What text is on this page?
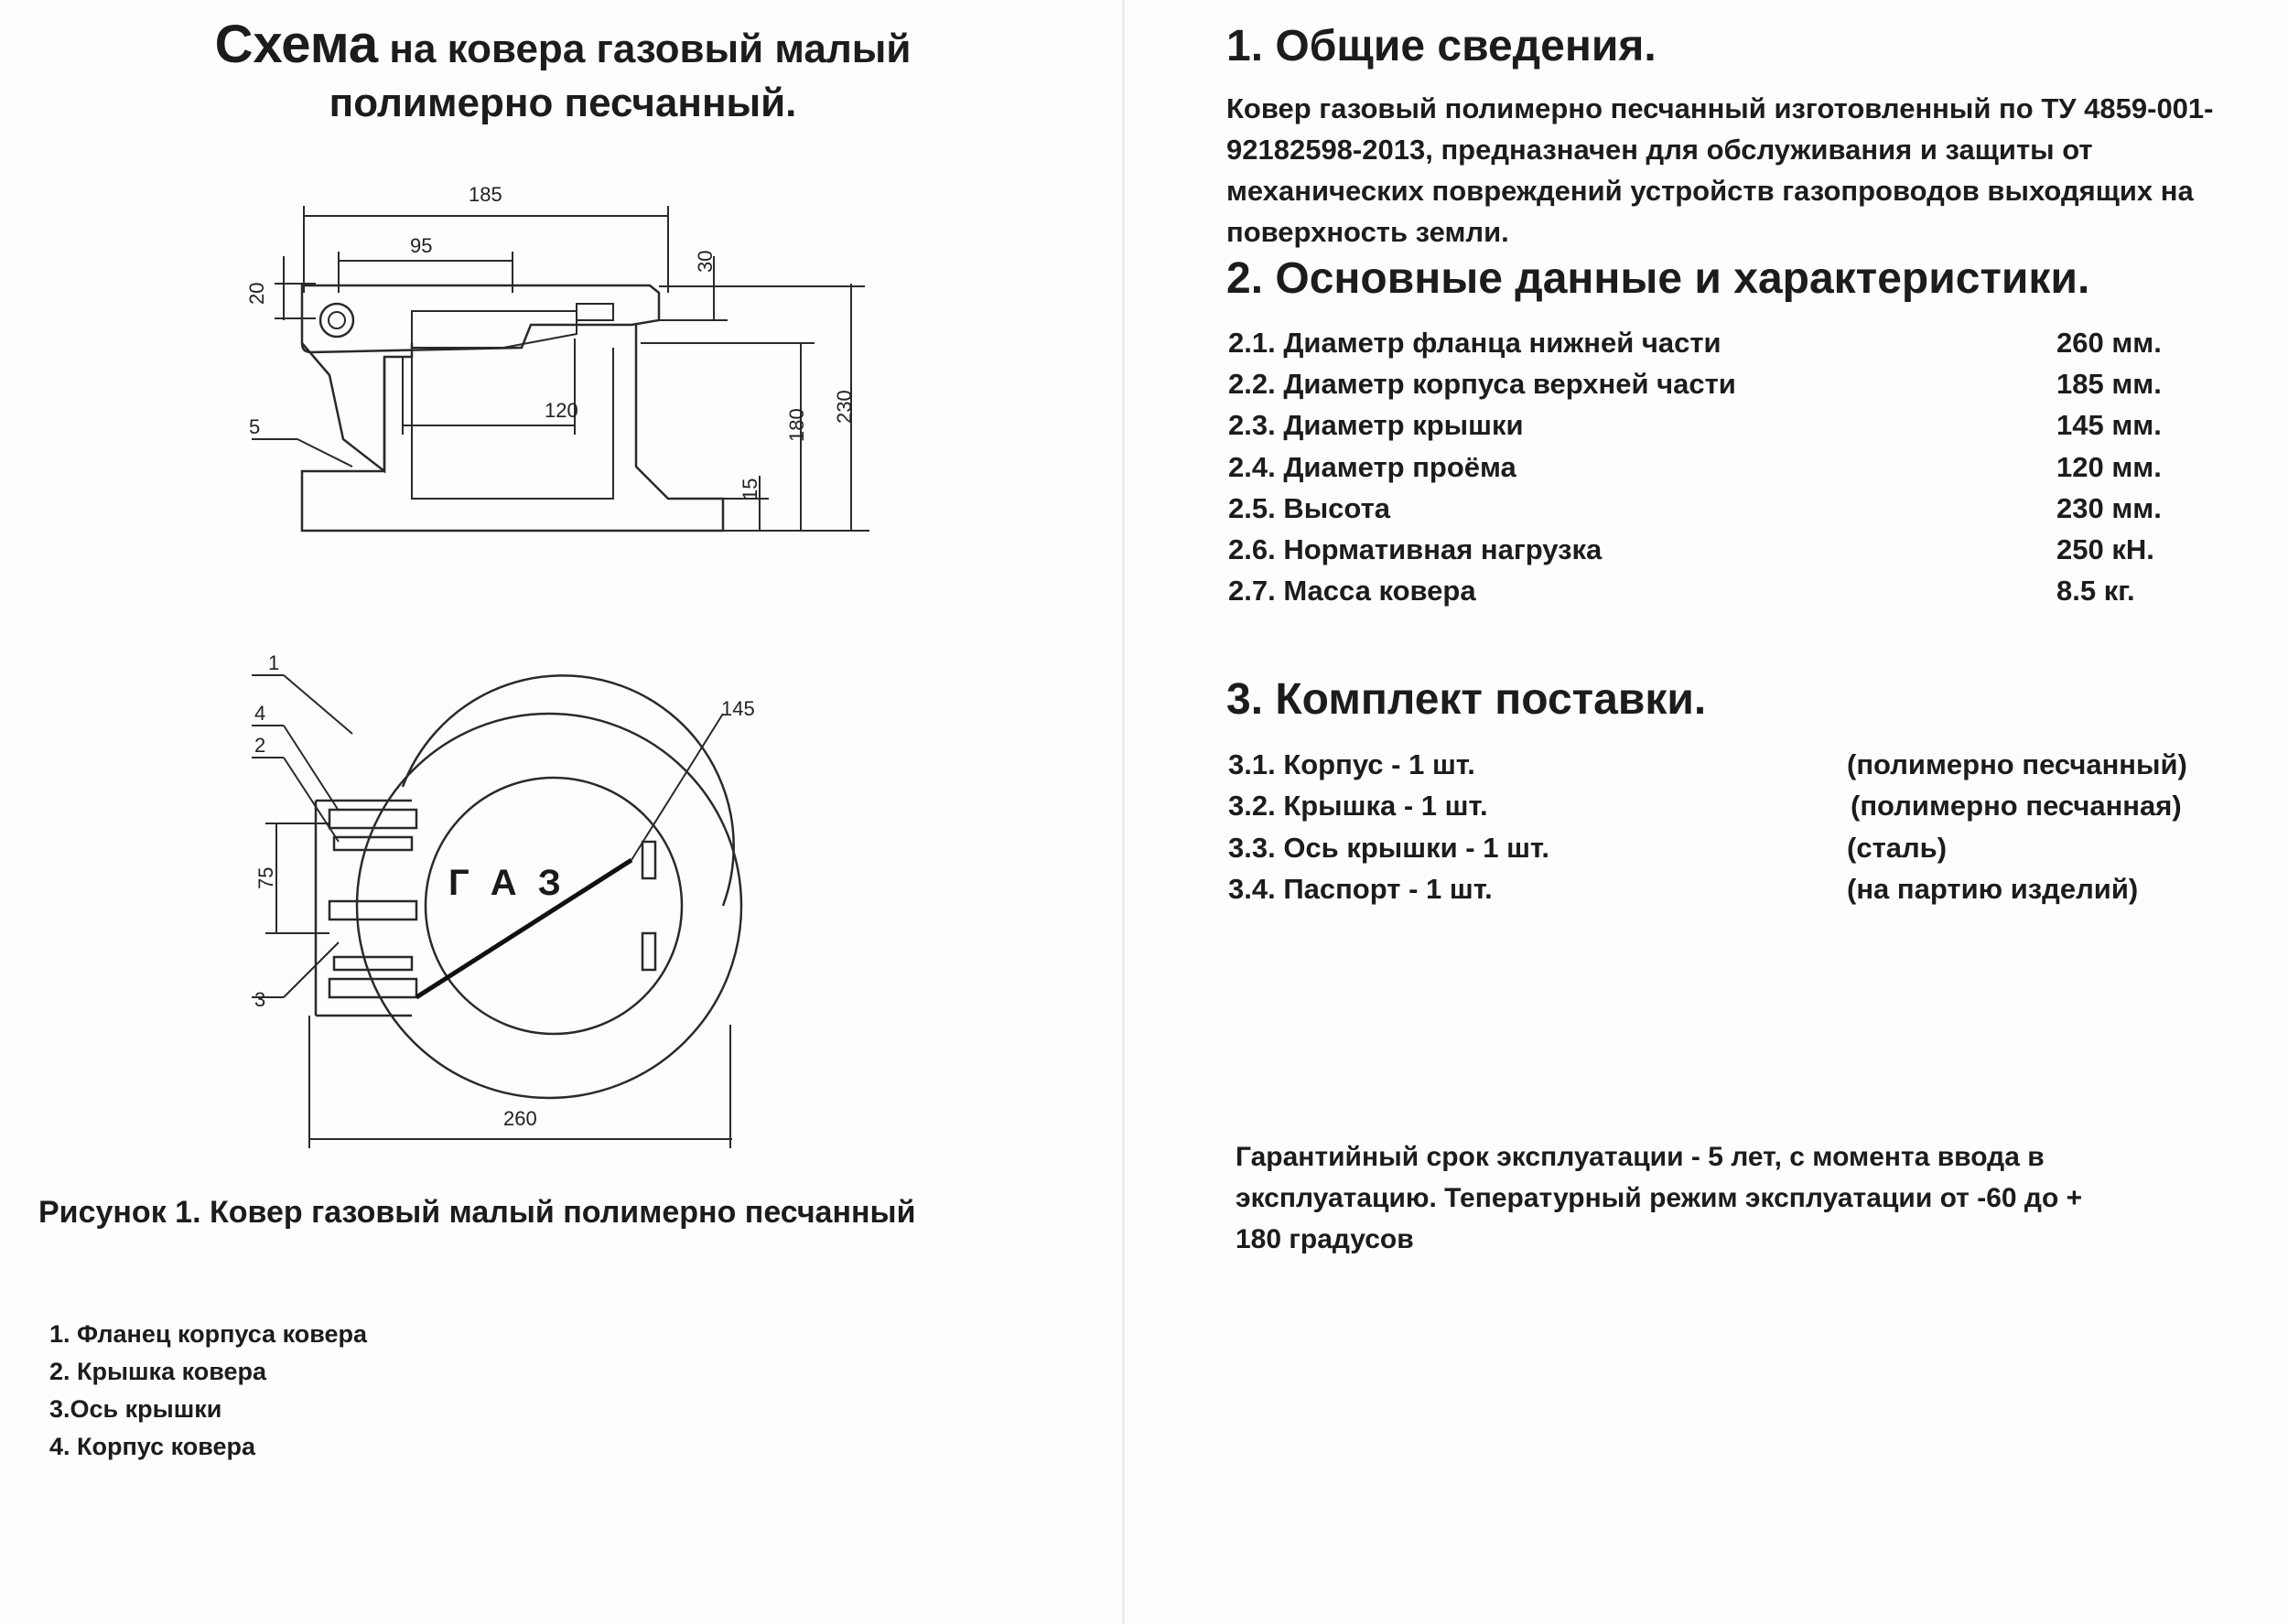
Схема на ковера газовый малый
полимерно песчанный.
185
95
20
30
120	180
230
15
5
145
75
260
1
4
2
3
Г А З
Рисунок 1. Ковер газовый малый полимерно песчанный
1. Фланец корпуса ковера
2. Крышка ковера
3.Ось крышки
4. Корпус ковера
1. Общие сведения.
Ковер газовый полимерно песчанный изготовленный по ТУ 4859-001-
92182598-2013, предназначен для обслуживания и защиты от
механических повреждений устройств газопроводов выходящих на
поверхность земли.
2. Основные данные и характеристики.
2.1. Диаметр фланца нижней части	260 мм.
2.2. Диаметр корпуса верхней части	185 мм.
2.3. Диаметр крышки	145 мм.
2.4. Диаметр проёма	120 мм.
2.5. Высота	230 мм.
2.6. Нормативная нагрузка	250 кН.
2.7. Масса ковера	8.5 кг.
3. Комплект поставки.
3.1. Корпус - 1 шт.	(полимерно песчанный)
3.2. Крышка - 1 шт.	(полимерно песчанная)
3.3. Ось крышки - 1 шт.	(сталь)
3.4. Паспорт - 1 шт.	(на партию изделий)
Гарантийный срок эксплуатации - 5 лет, с момента ввода в
эксплуатацию. Тепературный режим эксплуатации от -60 до +
180 градусов
